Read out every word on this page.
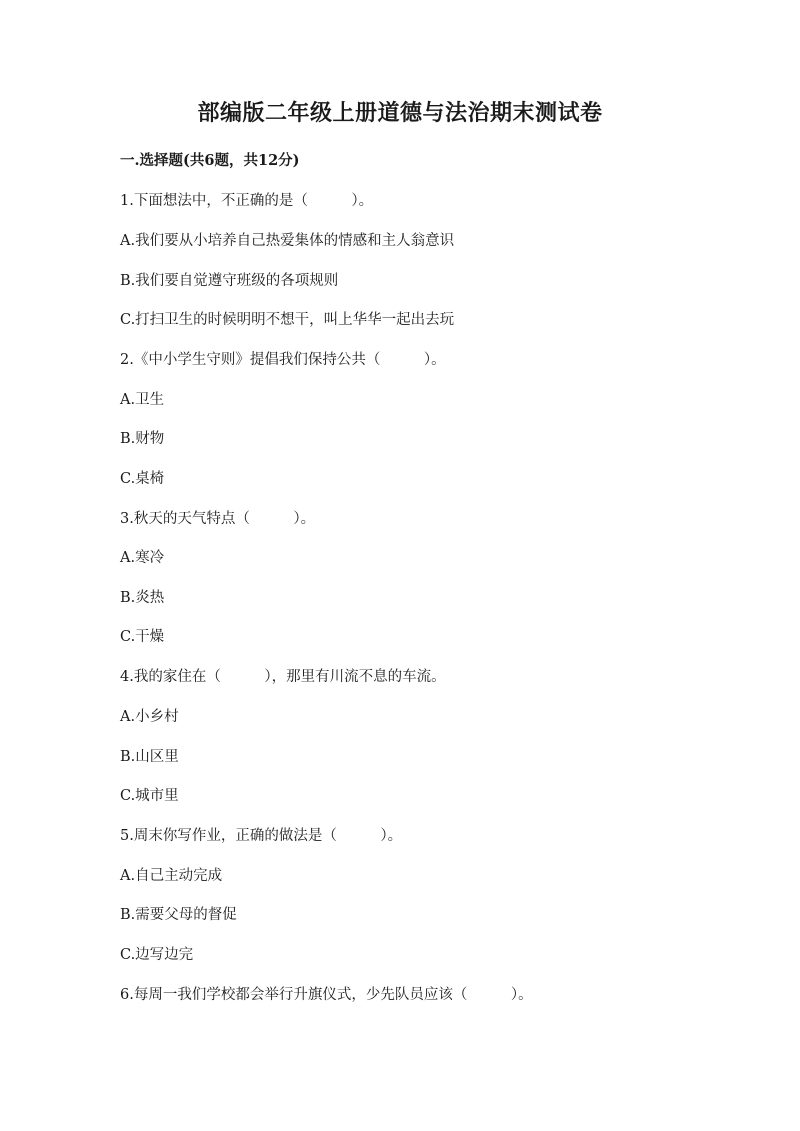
部编版二年级上册道德与法治期末测试卷
一.选择题(共6题，共12分)
1.下面想法中，不正确的是（　　　）。
A.我们要从小培养自己热爱集体的情感和主人翁意识
B.我们要自觉遵守班级的各项规则
C.打扫卫生的时候明明不想干，叫上华华一起出去玩
2.《中小学生守则》提倡我们保持公共（　　　）。
A.卫生
B.财物
C.桌椅
3.秋天的天气特点（　　　）。
A.寒冷
B.炎热
C.干燥
4.我的家住在（　　　），那里有川流不息的车流。
A.小乡村
B.山区里
C.城市里
5.周末你写作业，正确的做法是（　　　）。
A.自己主动完成
B.需要父母的督促
C.边写边完
6.每周一我们学校都会举行升旗仪式，少先队员应该（　　　）。
